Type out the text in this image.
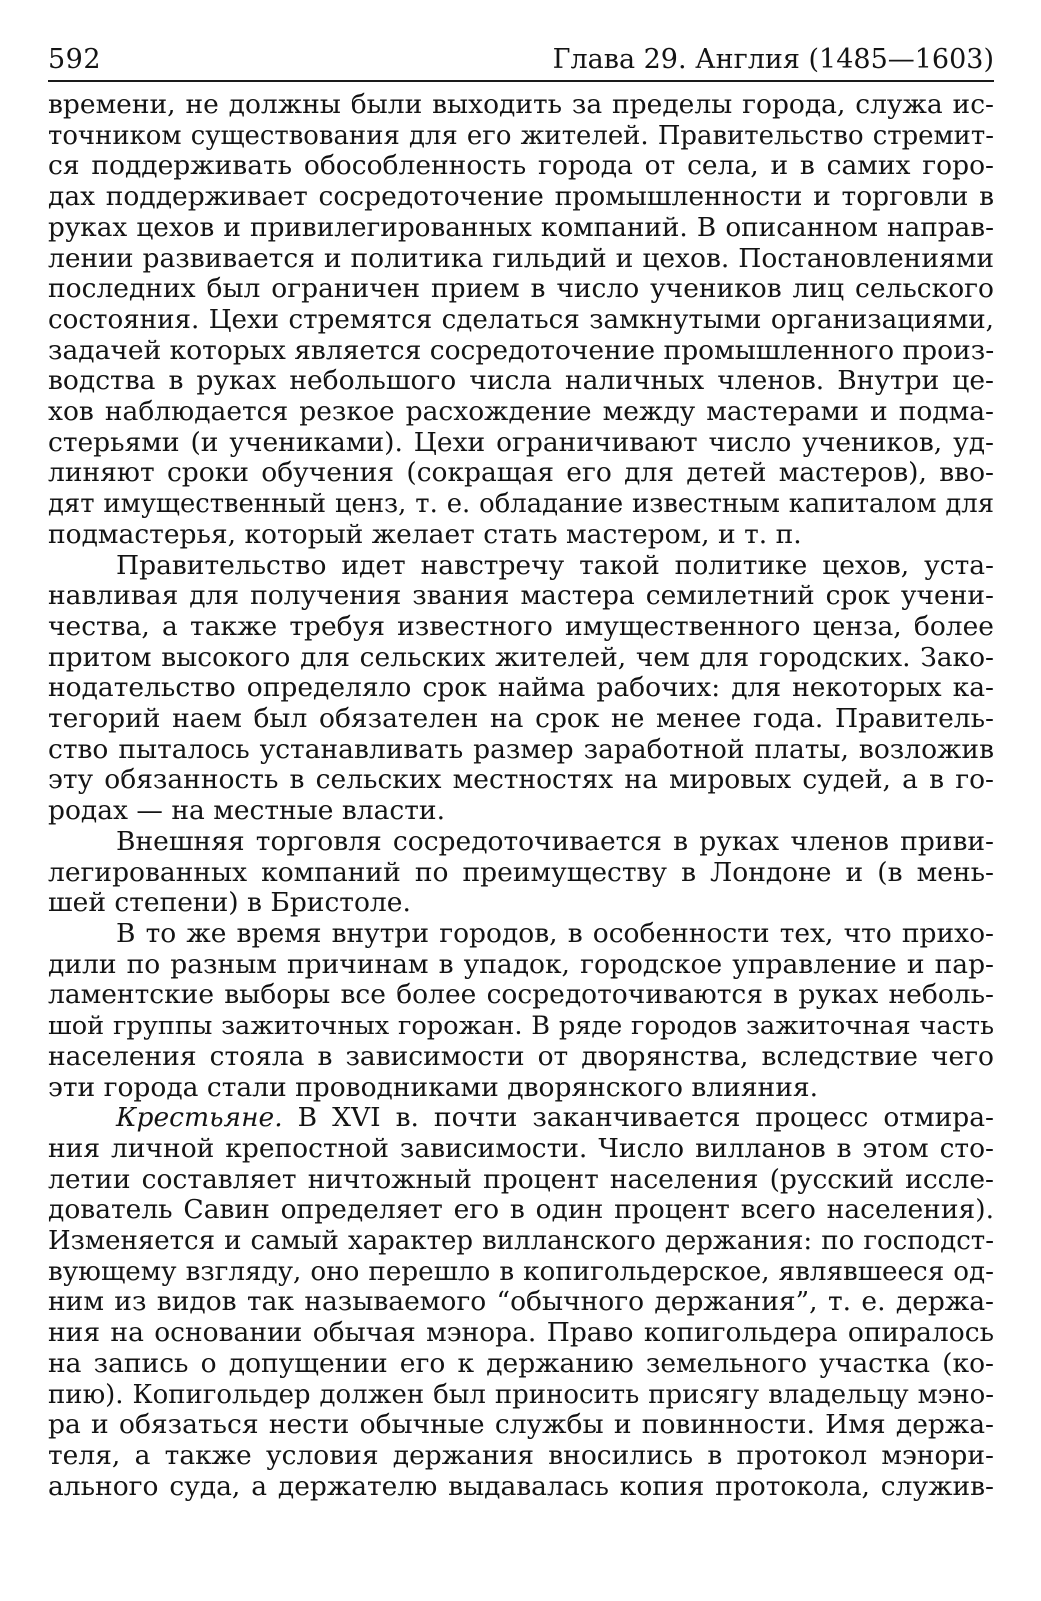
592	Глава 29. Англия (1485—1603)

времени, не должны были выходить за пределы города, служа ис-
точником существования для его жителей. Правительство стремит-
ся поддерживать обособленность города от села, и в самих горо-
дах поддерживает сосредоточение промышленности и торговли в
руках цехов и привилегированных компаний. В описанном направ-
лении развивается и политика гильдий и цехов. Постановлениями
последних был ограничен прием в число учеников лиц сельского
состояния. Цехи стремятся сделаться замкнутыми организациями,
задачей которых является сосредоточение промышленного произ-
водства в руках небольшого числа наличных членов. Внутри це-
хов наблюдается резкое расхождение между мастерами и подма-
стерьями (и учениками). Цехи ограничивают число учеников, уд-
линяют сроки обучения (сокращая его для детей мастеров), вво-
дят имущественный ценз, т. е. обладание известным капиталом для
подмастерья, который желает стать мастером, и т. п.

Правительство идет навстречу такой политике цехов, уста-
навливая для получения звания мастера семилетний срок учени-
чества, а также требуя известного имущественного ценза, более
притом высокого для сельских жителей, чем для городских. Зако-
нодательство определяло срок найма рабочих: для некоторых ка-
тегорий наем был обязателен на срок не менее года. Правитель-
ство пыталось устанавливать размер заработной платы, возложив
эту обязанность в сельских местностях на мировых судей, а в го-
родах — на местные власти.

Внешняя торговля сосредоточивается в руках членов приви-
легированных компаний по преимуществу в Лондоне и (в мень-
шей степени) в Бристоле.

В то же время внутри городов, в особенности тех, что прихо-
дили по разным причинам в упадок, городское управление и пар-
ламентские выборы все более сосредоточиваются в руках неболь-
шой группы зажиточных горожан. В ряде городов зажиточная часть
населения стояла в зависимости от дворянства, вследствие чего
эти города стали проводниками дворянского влияния.

Крестьяне. В XVI в. почти заканчивается процесс отмира-
ния личной крепостной зависимости. Число вилланов в этом сто-
летии составляет ничтожный процент населения (русский иссле-
дователь Савин определяет его в один процент всего населения).
Изменяется и самый характер вилланского держания: по господст-
вующему взгляду, оно перешло в копигольдерское, являвшееся од-
ним из видов так называемого “обычного держания”, т. е. держа-
ния на основании обычая мэнора. Право копигольдера опиралось
на запись о допущении его к держанию земельного участка (ко-
пию). Копигольдер должен был приносить присягу владельцу мэно-
ра и обязаться нести обычные службы и повинности. Имя держа-
теля, а также условия держания вносились в протокол мэнори-
ального суда, а держателю выдавалась копия протокола, служив-
